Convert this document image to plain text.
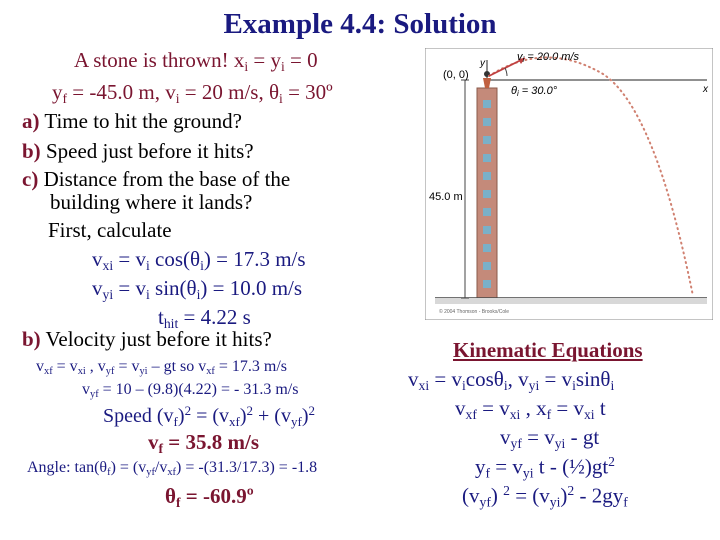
Example 4.4: Solution
A stone is thrown! $x_i = y_i = 0$
$y_f = -45.0$ m, $v_i = 20$ m/s, $\theta_i$ = 30º
a) Time to hit the ground?
b) Speed just before it hits?
c) Distance from the base of the
building where it lands?
First, calculate
$v_{xi} = v_i$ $\cos(\theta_i) = 17.3$ m/s
$v_{yi} = v_i$ $\sin(\theta_i) = 10.0$ m/s
$t_{hit} = 4.22$ s
b) Velocity just before it hits?
$v_{xf} = v_{xi}$ , $v_{yf} = v_{yi}$ – gt so $v_{xf} = 17.3$ m/s
$v_{yf} = 10 - (9.8)(4.22)$ = - 31.3 m/s
Speed $(v_f)^2 = (v_{xf})^2 + (v_{yf})^2$
$v_f = 35.8$ m/s
Angle: $\tan(\theta_f) = (v_{yf}/v_{xf}) = -(31.3/17.3) = -1.8$
$\theta_f$ = -60.9º
vi = 20.0 m/s
(0, 0)
y
x
θi = 30.0°
45.0 m
© 2004 Thomson - Brooks/Cole
Kinematic Equations
$v_{xi} = v_i\cos\theta_i$, $v_{yi} = v_i\sin\theta_i$
$v_{xf} = v_{xi}$ , $x_f = v_{xi}$ t
$v_{yf} = v_{yi}$ - gt
$y_f = v_{yi}$ t - $(\frac{1}{2})gt^2$
$(v_{yf}) ^2 = (v_{yi})^2 - 2gy_f$
